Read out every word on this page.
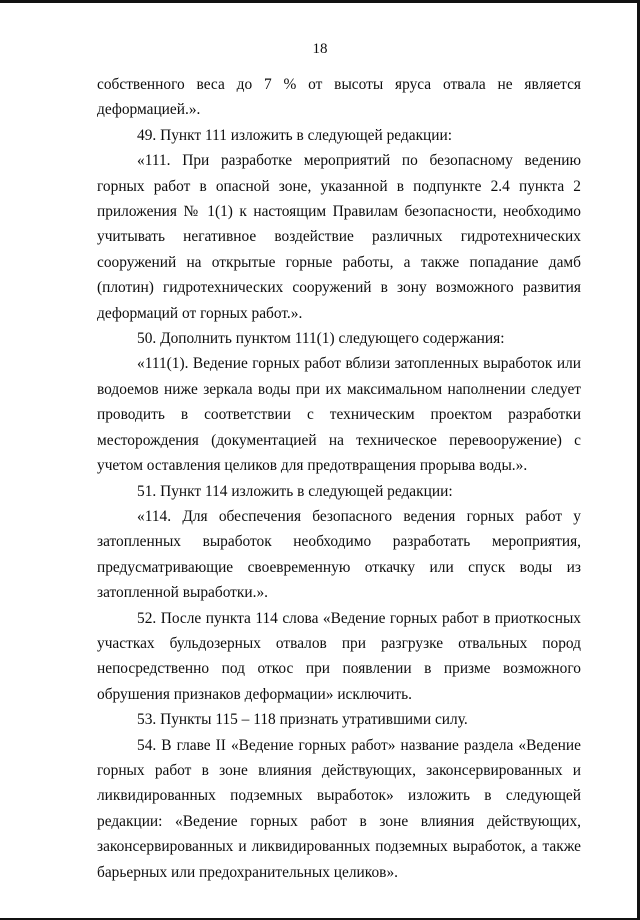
18

собственного веса до 7 % от высоты яруса отвала не является деформацией.».

49. Пункт 111 изложить в следующей редакции:

«111. При разработке мероприятий по безопасному ведению горных работ в опасной зоне, указанной в подпункте 2.4 пункта 2 приложения № 1(1) к настоящим Правилам безопасности, необходимо учитывать негативное воздействие различных гидротехнических сооружений на открытые горные работы, а также попадание дамб (плотин) гидротехнических сооружений в зону возможного развития деформаций от горных работ.».

50. Дополнить пунктом 111(1) следующего содержания:

«111(1). Ведение горных работ вблизи затопленных выработок или водоемов ниже зеркала воды при их максимальном наполнении следует проводить в соответствии с техническим проектом разработки месторождения (документацией на техническое перевооружение) с учетом оставления целиков для предотвращения прорыва воды.».

51. Пункт 114 изложить в следующей редакции:

«114. Для обеспечения безопасного ведения горных работ у затопленных выработок необходимо разработать мероприятия, предусматривающие своевременную откачку или спуск воды из затопленной выработки.».

52. После пункта 114 слова «Ведение горных работ в приоткосных участках бульдозерных отвалов при разгрузке отвальных пород непосредственно под откос при появлении в призме возможного обрушения признаков деформации» исключить.

53. Пункты 115 – 118 признать утратившими силу.

54. В главе II «Ведение горных работ» название раздела «Ведение горных работ в зоне влияния действующих, законсервированных и ликвидированных подземных выработок» изложить в следующей редакции: «Ведение горных работ в зоне влияния действующих, законсервированных и ликвидированных подземных выработок, а также барьерных или предохранительных целиков».
